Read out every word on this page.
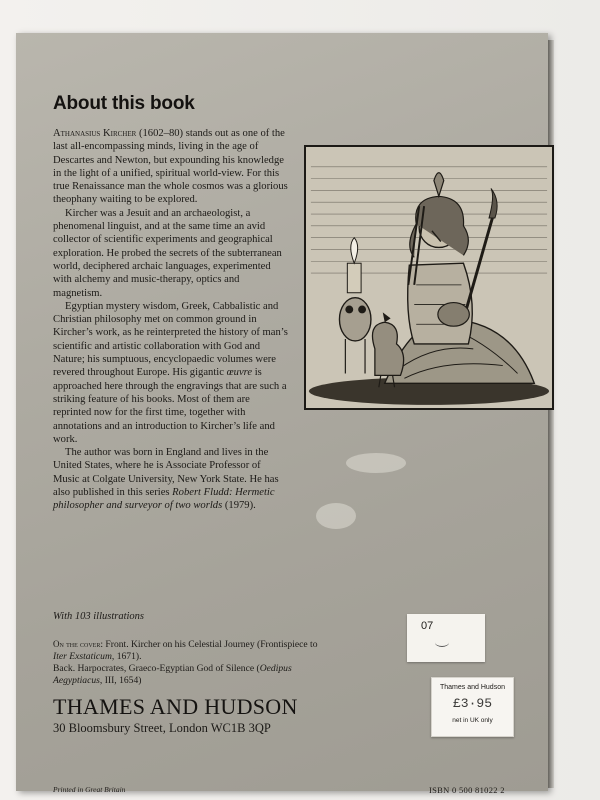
About this book

Athanasius Kircher (1602–80) stands out as one of the last all-encompassing minds, living in the age of Descartes and Newton, but expounding his knowledge in the light of a unified, spiritual world-view. For this true Renaissance man the whole cosmos was a glorious theophany waiting to be explored.

Kircher was a Jesuit and an archaeologist, a phenomenal linguist, and at the same time an avid collector of scientific experiments and geographical exploration. He probed the secrets of the subterranean world, deciphered archaic languages, experimented with alchemy and music-therapy, optics and magnetism.

Egyptian mystery wisdom, Greek, Cabbalistic and Christian philosophy met on common ground in Kircher’s work, as he reinterpreted the history of man’s scientific and artistic collaboration with God and Nature; his sumptuous, encyclopaedic volumes were revered throughout Europe. His gigantic œuvre is approached here through the engravings that are such a striking feature of his books. Most of them are reprinted now for the first time, together with annotations and an introduction to Kircher’s life and work.

The author was born in England and lives in the United States, where he is Associate Professor of Music at Colgate University, New York State. He has also published in this series Robert Fludd: Hermetic philosopher and surveyor of two worlds (1979).

With 103 illustrations
On the cover: Front. Kircher on his Celestial Journey (Frontispiece to Iter Exstaticum, 1671).
Back. Harpocrates, Graeco-Egyptian God of Silence (Oedipus Aegyptiacus, III, 1654)
THAMES AND HUDSON
30 Bloomsbury Street, London WC1B 3QP
Printed in Great Britain	ISBN 0 500 81022 2
07
Thames and Hudson
£3·95
net in UK only
